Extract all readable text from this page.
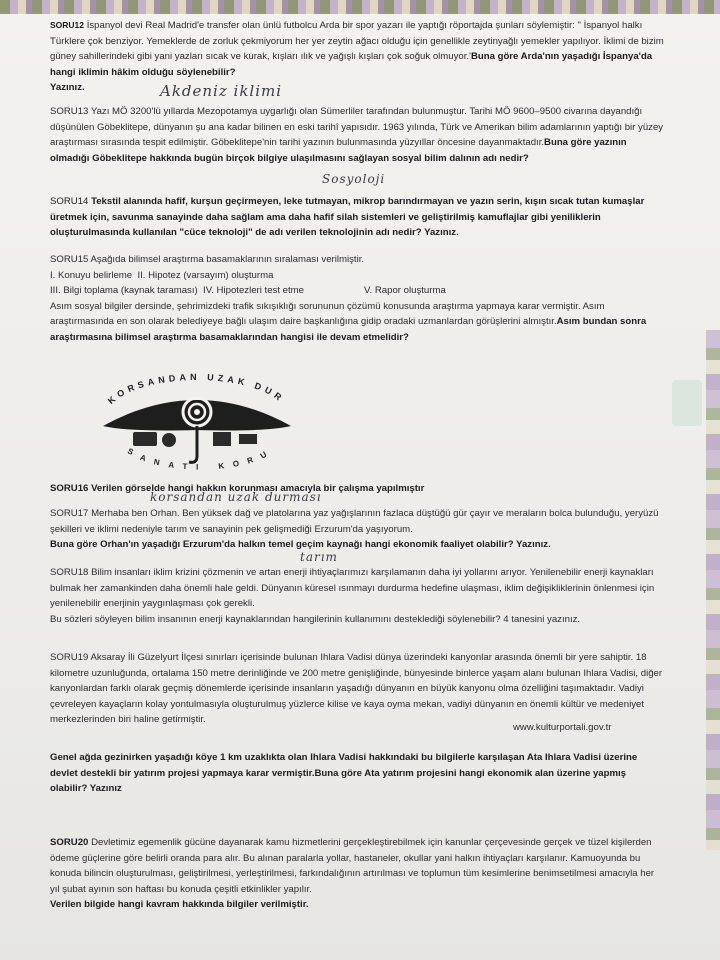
SORU12 İspanyol devi Real Madrid'e transfer olan ünlü futbolcu Arda bir spor yazarı ile yaptığı röportajda şunları söylemiştir: " İspanyol halkı Türklere çok benziyor. Yemeklerde de zorluk çekmiyorum her yer zeytin ağacı olduğu için genellikle zeytinyağlı yemekler yapılıyor. İklimi de bizim güney sahillerindeki gibi yani yazları sıcak ve kurak, kışları ılık ve yağışlı kışları çok soğuk olmuyor.'Buna göre Arda'nın yaşadığı İspanya'da hangi iklimin hâkim olduğu söylenebilir?

Yazınız.	Akdeniz iklimi

SORU13 Yazı MÖ 3200'lü yıllarda Mezopotamya uygarlığı olan Sümerliler tarafından bulunmuştur. Tarihi MÖ 9600–9500 civarına dayandığı düşünülen Göbeklitepe, dünyanın şu ana kadar bilinen en eski tarihî yapısıdır. 1963 yılında, Türk ve Amerikan bilim adamlarının yaptığı bir yüzey araştırması sırasında tespit edilmiştir. Göbeklitepe'nin tarihi yazının bulunmasında yüzyıllar öncesine dayanmaktadır.Buna göre yazının olmadığı Göbeklitepe hakkında bugün birçok bilgiye ulaşılmasını sağlayan sosyal bilim dalının adı nedir?

Sosyoloji

SORU14 Tekstil alanında hafif, kurşun geçirmeyen, leke tutmayan, mikrop barındırmayan ve yazın serin, kışın sıcak tutan kumaşlar üretmek için, savunma sanayinde daha sağlam ama daha hafif silah sistemleri ve geliştirilmiş kamuflajlar gibi yeniliklerin oluşturulmasında kullanılan "cüce teknoloji" de adı verilen teknolojinin adı nedir? Yazınız.

SORU15 Aşağıda bilimsel araştırma basamaklarının sıralaması verilmiştir.

I. Konuyu belirleme II. Hipotez (varsayım) oluşturma

III. Bilgi toplama (kaynak taraması) IV. Hipotezleri test etme	V. Rapor oluşturma

Asım sosyal bilgiler dersinde, şehrimizdeki trafik sıkışıklığı sorununun çözümü konusunda araştırma yapmaya karar vermiştir. Asım araştırmasında en son olarak belediyeye bağlı ulaşım daire başkanlığına gidip oradaki uzmanlardan görüşlerini almıştır.Asım bundan sonra araştırmasına bilimsel araştırma basamaklarından hangisi ile devam etmelidir?

KORSANDAN UZAK DUR
SANATI KORU

SORU16 Verilen görselde hangi hakkın korunması amacıyla bir çalışma yapılmıştır

korsandan uzak durması

SORU17 Merhaba ben Orhan. Ben yüksek dağ ve platolarına yaz yağışlarının fazlaca düştüğü gür çayır ve meraların bolca bulunduğu, yeryüzü şekilleri ve iklimi nedeniyle tarım ve sanayinin pek gelişmediği Erzurum'da yaşıyorum.

Buna göre Orhan'ın yaşadığı Erzurum'da halkın temel geçim kaynağı hangi ekonomik faaliyet olabilir? Yazınız.

tarım

SORU18 Bilim insanları iklim krizini çözmenin ve artan enerji ihtiyaçlarımızı karşılamanın daha iyi yollarını arıyor. Yenilenebilir enerji kaynakları bulmak her zamankinden daha önemli hale geldi. Dünyanın küresel ısınmayı durdurma hedefine ulaşması, iklim değişikliklerinin önlenmesi için yenilenebilir enerjinin yaygınlaşması çok gerekli.

Bu sözleri söyleyen bilim insanının enerji kaynaklarından hangilerinin kullanımını desteklediği söylenebilir? 4 tanesini yazınız.

SORU19 Aksaray İli Güzelyurt İlçesi sınırları içerisinde bulunan Ihlara Vadisi dünya üzerindeki kanyonlar arasında önemli bir yere sahiptir. 18 kilometre uzunluğunda, ortalama 150 metre derinliğinde ve 200 metre genişliğinde, bünyesinde binlerce yaşam alanı bulunan Ihlara Vadisi, diğer kanyonlardan farklı olarak geçmiş dönemlerde içerisinde insanların yaşadığı dünyanın en büyük kanyonu olma özelliğini taşımaktadır. Vadiyi çevreleyen kayaçların kolay yontulmasıyla oluşturulmuş yüzlerce kilise ve kaya oyma mekan, vadiyi dünyanın en önemli kültür ve medeniyet merkezlerinden biri haline getirmiştir.

www.kulturportali.gov.tr

Genel ağda gezinirken yaşadığı köye 1 km uzaklıkta olan Ihlara Vadisi hakkındaki bu bilgilerle karşılaşan Ata Ihlara Vadisi üzerine devlet destekli bir yatırım projesi yapmaya karar vermiştir.Buna göre Ata yatırım projesini hangi ekonomik alan üzerine yapmış olabilir? Yazınız

SORU20 Devletimiz egemenlik gücüne dayanarak kamu hizmetlerini gerçekleştirebilmek için kanunlar çerçevesinde gerçek ve tüzel kişilerden ödeme güçlerine göre belirli oranda para alır. Bu alınan paralarla yollar, hastaneler, okullar yani halkın ihtiyaçları karşılanır. Kamuoyunda bu konuda bilincin oluşturulması, geliştirilmesi, yerleştirilmesi, farkındalığının artırılması ve toplumun tüm kesimlerine benimsetilmesi amacıyla her yıl şubat ayının son haftası bu konuda çeşitli etkinlikler yapılır.

Verilen bilgide hangi kavram hakkında bilgiler verilmiştir.
